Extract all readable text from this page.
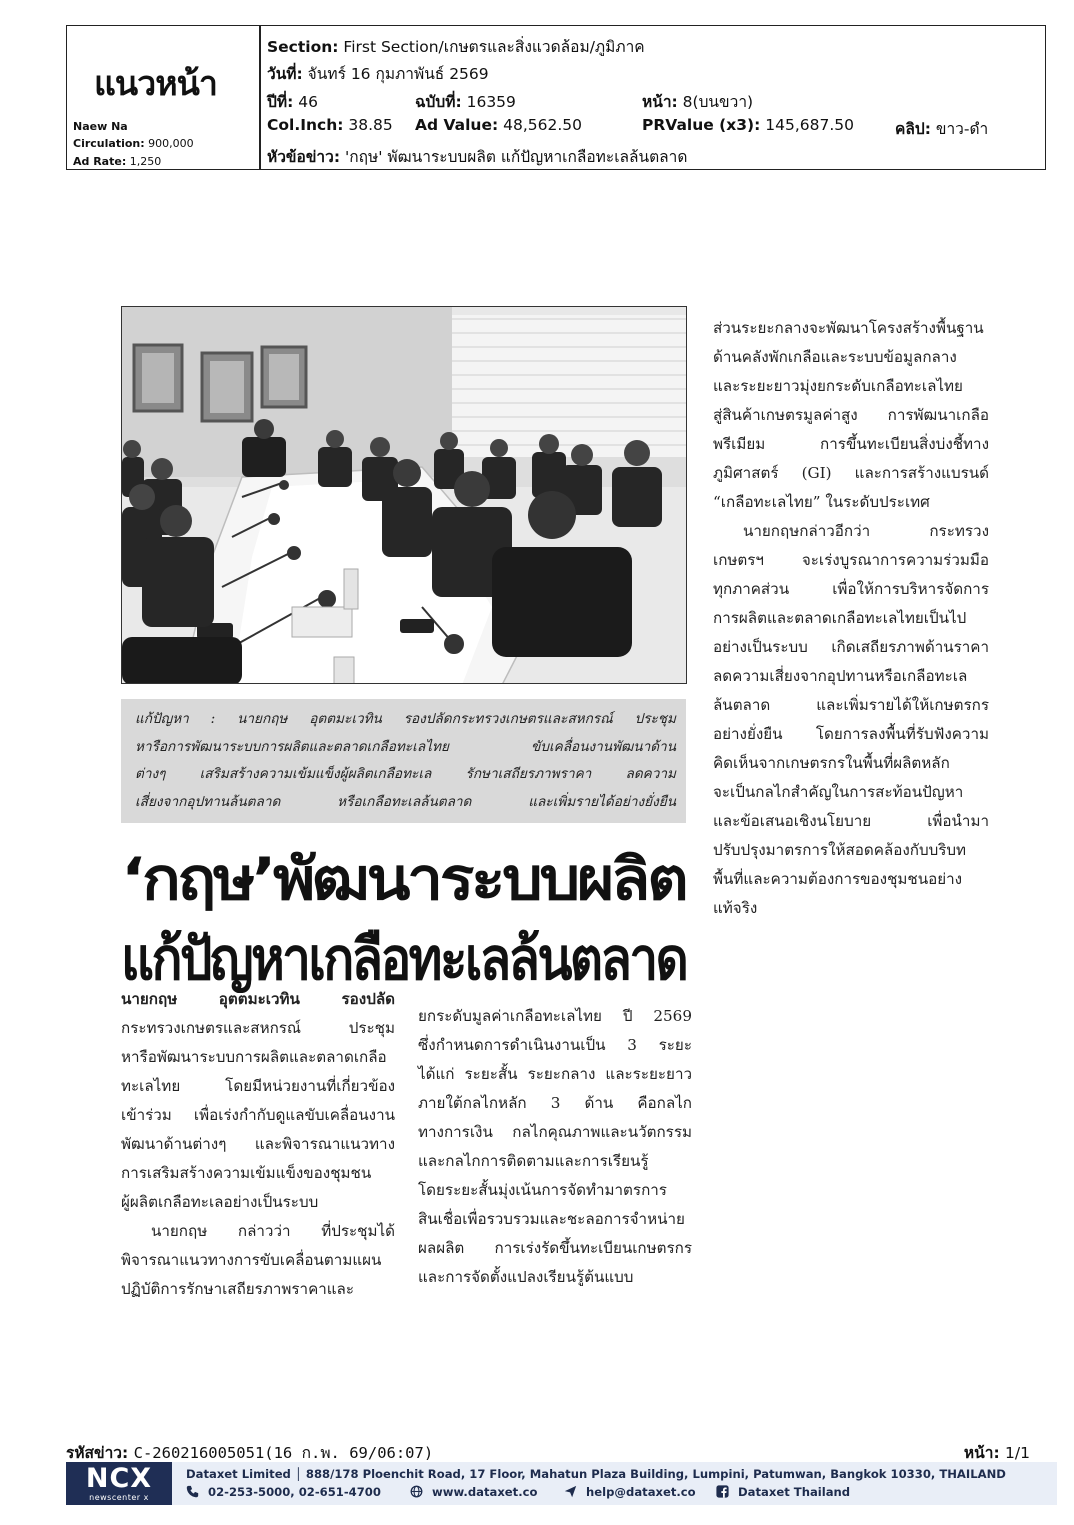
แนวหน้า
Naew Na
Circulation: 900,000
Ad Rate: 1,250
Section: First Section/เกษตรและสิ่งแวดล้อม/ภูมิภาค
วันที่: จันทร์ 16 กุมภาพันธ์ 2569
ปีที่: 46	ฉบับที่: 16359	หน้า: 8(บนขวา)
Col.Inch: 38.85 Ad Value: 48,562.50	PRValue (x3): 145,687.50	คลิป: ขาว-ดำ
หัวข้อข่าว: 'กฤษ' พัฒนาระบบผลิต แก้ปัญหาเกลือทะเลล้นตลาด
แก้ปัญหา : นายกฤษ อุตตมะเวทิน รองปลัดกระทรวงเกษตรและสหกรณ์ ประชุม
หารือการพัฒนาระบบการผลิตและตลาดเกลือทะเลไทย ขับเคลื่อนงานพัฒนาด้าน
ต่างๆ เสริมสร้างความเข้มแข็งผู้ผลิตเกลือทะเล รักษาเสถียรภาพราคา ลดความ
เสี่ยงจากอุปทานล้นตลาด หรือเกลือทะเลล้นตลาด และเพิ่มรายได้อย่างยั่งยืน
‘กฤษ’พัฒนาระบบผลิต
แก้ปัญหาเกลือทะเลล้นตลาด
นายกฤษ อุตตมะเวทิน รองปลัด
กระทรวงเกษตรและสหกรณ์ ประชุม
หารือพัฒนาระบบการผลิตและตลาดเกลือ
ทะเลไทย โดยมีหน่วยงานที่เกี่ยวข้อง
เข้าร่วม เพื่อเร่งกำกับดูแลขับเคลื่อนงาน
พัฒนาด้านต่างๆ และพิจารณาแนวทาง
การเสริมสร้างความเข้มแข็งของชุมชน
ผู้ผลิตเกลือทะเลอย่างเป็นระบบ
นายกฤษ กล่าวว่า ที่ประชุมได้
พิจารณาแนวทางการขับเคลื่อนตามแผน
ปฏิบัติการรักษาเสถียรภาพราคาและ
ยกระดับมูลค่าเกลือทะเลไทย ปี 2569
ซึ่งกำหนดการดำเนินงานเป็น 3 ระยะ
ได้แก่ ระยะสั้น ระยะกลาง และระยะยาว
ภายใต้กลไกหลัก 3 ด้าน คือกลไก
ทางการเงิน กลไกคุณภาพและนวัตกรรม
และกลไกการติดตามและการเรียนรู้
โดยระยะสั้นมุ่งเน้นการจัดทำมาตรการ
สินเชื่อเพื่อรวบรวมและชะลอการจำหน่าย
ผลผลิต การเร่งรัดขึ้นทะเบียนเกษตรกร
และการจัดตั้งแปลงเรียนรู้ต้นแบบ
ส่วนระยะกลางจะพัฒนาโครงสร้างพื้นฐาน
ด้านคลังพักเกลือและระบบข้อมูลกลาง
และระยะยาวมุ่งยกระดับเกลือทะเลไทย
สู่สินค้าเกษตรมูลค่าสูง การพัฒนาเกลือ
พรีเมียม การขึ้นทะเบียนสิ่งบ่งชี้ทาง
ภูมิศาสตร์ (GI) และการสร้างแบรนด์
“เกลือทะเลไทย” ในระดับประเทศ
นายกฤษกล่าวอีกว่า กระทรวง
เกษตรฯ จะเร่งบูรณาการความร่วมมือ
ทุกภาคส่วน เพื่อให้การบริหารจัดการ
การผลิตและตลาดเกลือทะเลไทยเป็นไป
อย่างเป็นระบบ เกิดเสถียรภาพด้านราคา
ลดความเสี่ยงจากอุปทานหรือเกลือทะเล
ล้นตลาด และเพิ่มรายได้ให้เกษตรกร
อย่างยั่งยืน โดยการลงพื้นที่รับฟังความ
คิดเห็นจากเกษตรกรในพื้นที่ผลิตหลัก
จะเป็นกลไกสำคัญในการสะท้อนปัญหา
และข้อเสนอเชิงนโยบาย เพื่อนำมา
ปรับปรุงมาตรการให้สอดคล้องกับบริบท
พื้นที่และความต้องการของชุมชนอย่าง
แท้จริง
รหัสข่าว: C-260216005051(16 ก.พ. 69/06:07)	หน้า: 1/1
NCX
newscenter x
Dataxet Limited │ 888/178 Ploenchit Road, 17 Floor, Mahatun Plaza Building, Lumpini, Patumwan, Bangkok 10330, THAILAND
02-253-5000, 02-651-4700	www.dataxet.co	help@dataxet.co	Dataxet Thailand
